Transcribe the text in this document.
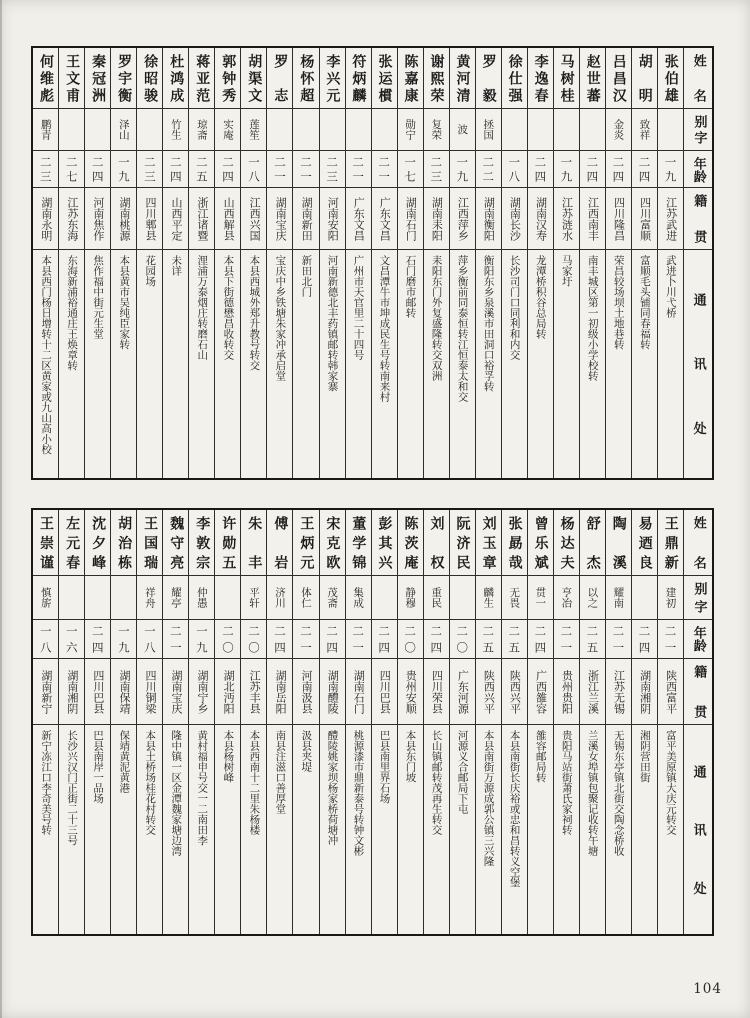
姓名
别字
年龄
籍贯
通讯处
张伯雄
一九
江苏武进
武进卜川弋桥
胡明
致祥
二四
四川富顺
富顺毛头铺同春福转
吕昌汉
金炎
二四
四川隆昌
荣昌较场坝土地巷转
赵世蕃
二四
江西南丰
南丰城区第一初级小学校转
马树桂
一九
江苏涟水
马家圩
李逸春
二四
湖南汉寿
龙潭桥积谷总局转
徐仕强
一八
湖南长沙
长沙司门口同利和内交
罗毅
拯国
二二
湖南衡阳
衡阳东乡泉溪市田洞口裕孚转
黄河清
波
一九
江西萍乡
萍乡衡前同泰恒转江恒泰太和交
谢熙荣
复荣
二三
湖南耒阳
耒阳东门外复盛隆转交双洲
陈嘉康
勋宁
一七
湖南石门
石门磨市邮转
张运樌
二一
广东文昌
文昌潭牛市坤成民生号转南来村
符炳麟
二一
广东文昌
广州市天官里二十四号
李兴元
二三
河南安阳
河南新德北丰药镇邮转韩家寨
杨怀超
二一
湖南新田
新田北门
罗志
二一
湖南宝庆
宝庆中乡铁塘朱家冲承启堂
胡渠文
莲笙
一八
江西兴国
本县西城外郑升教号转交
郭钟秀
实庵
二四
山西解县
本县下街德懋昌收转交
蒋亚范
琼斋
二五
浙江诸暨
浬浦万泰烟庄转磨石山
杜鸿成
竹生
二四
山西平定
未详
徐昭骏
二三
四川郫县
花园场
罗宇衡
泽山
一九
湖南桃源
本县黄市吴纯臣家转
秦冠洲
二四
河南焦作
焦作福中街元生堂
王文甫
二七
江苏东海
东海新浦裕通庄王焕章转
何维彪
鹏青
二三
湖南永明
本县西门杨日增转十二区黄家或九山高小校
姓名
别字
年龄
籍贯
通讯处
王鼎新
建初
二一
陕西富平
富平美原镇大庆元转交
易迺良
二四
湖南湘阴
湘阴营田街
陶溪
耀南
二一
江苏无锡
无锡东亭镇北街交陶念桥收
舒杰
以之
二五
浙江兰溪
兰溪女埠镇包聚记收转午塘
杨达夫
亨冶
二一
贵州贵阳
贵阳马站街萧氏家祠转
曾乐斌
贯一
二四
广西雒容
雒容邮局转
张勗哉
无畏
二五
陕西兴平
本县南街长庆裕或忠和昌转义空堡
刘玉章
麟生
二五
陕西兴平
本县南街万源成郭公镇三兴隆
阮济民
二〇
广东河源
河源义合邮局下屯
刘权
重民
二四
四川荣县
长山镇邮转茂再生转交
陈茨庵
静穆
二〇
贵州安顺
本县东门坡
彭其兴
二四
四川巴县
巴县南里界石场
董学锦
集成
二一
湖南石门
桃源漆市鼎新泰号转钟文彬
宋克欧
茂斋
二四
湖南醴陵
醴陵姚家坝杨家桥荷塘冲
王炳元
体仁
二一
河南汲县
汲县夹堤
傅岩
济川
二四
湖南岳阳
南县注滋口善厚堂
朱丰
平轩
二〇
江苏丰县
本县西南十二里朱杨楼
许勋五
二〇
湖北沔阳
本县杨树峰
李敦宗
仲愚
一九
湖南宁乡
黄村福申号交一二南田李
魏守亮
耀亭
二一
湖南宝庆
隆中镇一区金潭魏家塘边湾
王国瑞
祥舟
一八
四川铜梁
本县土桥场桂花村转交
胡治栋
一九
湖南保靖
保靖黄泥黄港
沈夕峰
二四
四川巴县
巴县南岸一品场
左元春
一六
湖南湘阴
长沙兴汉门正街二十三号
王崇谨
慎旂
一八
湖南新宁
新宁冻江口李奇美号转
104
